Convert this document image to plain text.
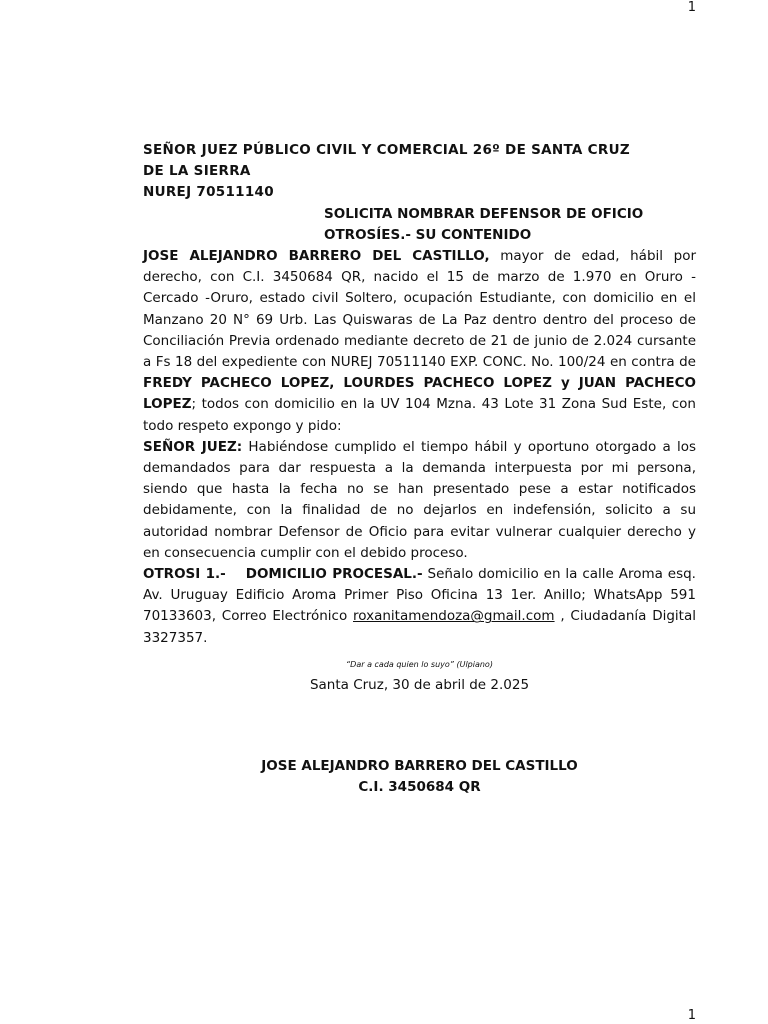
1
SEÑOR JUEZ PÚBLICO CIVIL Y COMERCIAL 26º DE SANTA CRUZ
DE LA SIERRA
NUREJ 70511140
SOLICITA NOMBRAR DEFENSOR DE OFICIO
OTROSÍES.- SU CONTENIDO

JOSE ALEJANDRO BARRERO DEL CASTILLO, mayor de edad, hábil por derecho, con C.I. 3450684 QR, nacido el 15 de marzo de 1.970 en Oruro -Cercado -Oruro, estado civil Soltero, ocupación Estudiante, con domicilio en el Manzano 20 N° 69 Urb. Las Quiswaras de La Paz dentro dentro del proceso de Conciliación Previa ordenado mediante decreto de 21 de junio de 2.024 cursante a Fs 18 del expediente con NUREJ 70511140 EXP. CONC. No. 100/24 en contra de FREDY PACHECO LOPEZ, LOURDES PACHECO LOPEZ y JUAN PACHECO LOPEZ; todos con domicilio en la UV 104 Mzna. 43 Lote 31 Zona Sud Este, con todo respeto expongo y pido:

SEÑOR JUEZ: Habiéndose cumplido el tiempo hábil y oportuno otorgado a los demandados para dar respuesta a la demanda interpuesta por mi persona, siendo que hasta la fecha no se han presentado pese a estar notificados debidamente, con la finalidad de no dejarlos en indefensión, solicito a su autoridad nombrar Defensor de Oficio para evitar vulnerar cualquier derecho y en consecuencia cumplir con el debido proceso.

OTROSI 1.- DOMICILIO PROCESAL.- Señalo domicilio en la calle Aroma esq. Av. Uruguay Edificio Aroma Primer Piso Oficina 13 1er. Anillo; WhatsApp 591 70133603, Correo Electrónico roxanitamendoza@gmail.com , Ciudadanía Digital 3327357.

“Dar a cada quien lo suyo” (Ulpiano)
Santa Cruz, 30 de abril de 2.025
JOSE ALEJANDRO BARRERO DEL CASTILLO
C.I. 3450684 QR
1
